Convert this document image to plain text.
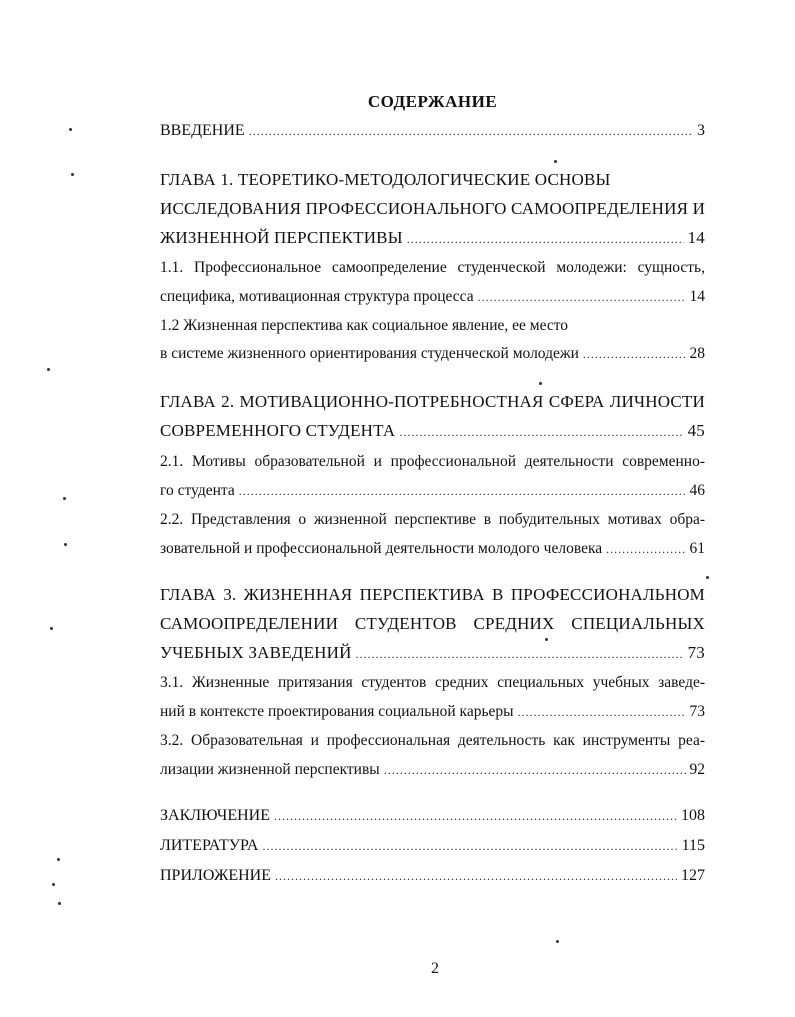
СОДЕРЖАНИЕ
ВВЕДЕНИЕ .....	3
ГЛАВА 1. ТЕОРЕТИКО-МЕТОДОЛОГИЧЕСКИЕ ОСНОВЫ
ИССЛЕДОВАНИЯ ПРОФЕССИОНАЛЬНОГО САМООПРЕДЕЛЕНИЯ И
ЖИЗНЕННОЙ ПЕРСПЕКТИВЫ .....	14
1.1. Профессиональное самоопределение студенческой молодежи: сущность,
специфика, мотивационная структура процесса .....	14
1.2 Жизненная перспектива как социальное явление, ее место
в системе жизненного ориентирования студенческой молодежи .....	28
ГЛАВА 2. МОТИВАЦИОННО-ПОТРЕБНОСТНАЯ СФЕРА ЛИЧНОСТИ
СОВРЕМЕННОГО СТУДЕНТА .....	45
2.1. Мотивы образовательной и профессиональной деятельности современно-
го студента .....	46
2.2. Представления о жизненной перспективе в побудительных мотивах обра-
зовательной и профессиональной деятельности молодого человека .....	61
ГЛАВА 3. ЖИЗНЕННАЯ ПЕРСПЕКТИВА В ПРОФЕССИОНАЛЬНОМ
САМООПРЕДЕЛЕНИИ СТУДЕНТОВ СРЕДНИХ СПЕЦИАЛЬНЫХ
УЧЕБНЫХ ЗАВЕДЕНИЙ .....	73
3.1. Жизненные притязания студентов средних специальных учебных заведе-
ний в контексте проектирования социальной карьеры .....	73
3.2. Образовательная и профессиональная деятельность как инструменты реа-
лизации жизненной перспективы .....	92
ЗАКЛЮЧЕНИЕ .....	108
ЛИТЕРАТУРА .....	115
ПРИЛОЖЕНИЕ .....	127
2
